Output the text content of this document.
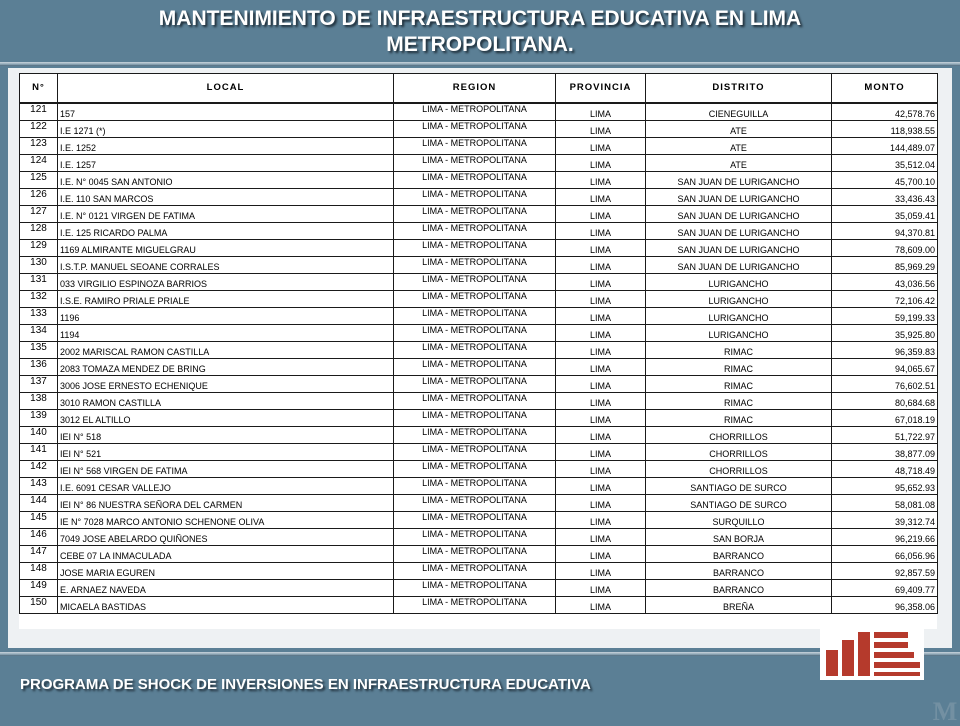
MANTENIMIENTO DE INFRAESTRUCTURA EDUCATIVA EN LIMA
METROPOLITANA.
N°	LOCAL	REGION	PROVINCIA	DISTRITO	MONTO
121	157	LIMA - METROPOLITANA	LIMA	CIENEGUILLA	42,578.76
122	I.E 1271 (*)	LIMA - METROPOLITANA	LIMA	ATE	118,938.55
123	I.E. 1252	LIMA - METROPOLITANA	LIMA	ATE	144,489.07
124	I.E. 1257	LIMA - METROPOLITANA	LIMA	ATE	35,512.04
125	I.E. N° 0045 SAN ANTONIO	LIMA - METROPOLITANA	LIMA	SAN JUAN DE LURIGANCHO	45,700.10
126	I.E. 110 SAN MARCOS	LIMA - METROPOLITANA	LIMA	SAN JUAN DE LURIGANCHO	33,436.43
127	I.E. N° 0121 VIRGEN DE FATIMA	LIMA - METROPOLITANA	LIMA	SAN JUAN DE LURIGANCHO	35,059.41
128	I.E. 125 RICARDO PALMA	LIMA - METROPOLITANA	LIMA	SAN JUAN DE LURIGANCHO	94,370.81
129	1169 ALMIRANTE MIGUELGRAU	LIMA - METROPOLITANA	LIMA	SAN JUAN DE LURIGANCHO	78,609.00
130	I.S.T.P. MANUEL SEOANE CORRALES	LIMA - METROPOLITANA	LIMA	SAN JUAN DE LURIGANCHO	85,969.29
131	033 VIRGILIO ESPINOZA BARRIOS	LIMA - METROPOLITANA	LIMA	LURIGANCHO	43,036.56
132	I.S.E. RAMIRO PRIALE PRIALE	LIMA - METROPOLITANA	LIMA	LURIGANCHO	72,106.42
133	1196	LIMA - METROPOLITANA	LIMA	LURIGANCHO	59,199.33
134	1194	LIMA - METROPOLITANA	LIMA	LURIGANCHO	35,925.80
135	2002 MARISCAL RAMON CASTILLA	LIMA - METROPOLITANA	LIMA	RIMAC	96,359.83
136	2083 TOMAZA MENDEZ DE BRING	LIMA - METROPOLITANA	LIMA	RIMAC	94,065.67
137	3006 JOSE ERNESTO ECHENIQUE	LIMA - METROPOLITANA	LIMA	RIMAC	76,602.51
138	3010 RAMON CASTILLA	LIMA - METROPOLITANA	LIMA	RIMAC	80,684.68
139	3012 EL ALTILLO	LIMA - METROPOLITANA	LIMA	RIMAC	67,018.19
140	IEI N° 518	LIMA - METROPOLITANA	LIMA	CHORRILLOS	51,722.97
141	IEI N° 521	LIMA - METROPOLITANA	LIMA	CHORRILLOS	38,877.09
142	IEI N° 568 VIRGEN DE FATIMA	LIMA - METROPOLITANA	LIMA	CHORRILLOS	48,718.49
143	I.E. 6091 CESAR VALLEJO	LIMA - METROPOLITANA	LIMA	SANTIAGO DE SURCO	95,652.93
144	IEI N° 86 NUESTRA SEÑORA DEL CARMEN	LIMA - METROPOLITANA	LIMA	SANTIAGO DE SURCO	58,081.08
145	IE N° 7028 MARCO ANTONIO SCHENONE OLIVA	LIMA - METROPOLITANA	LIMA	SURQUILLO	39,312.74
146	7049 JOSE ABELARDO QUIÑONES	LIMA - METROPOLITANA	LIMA	SAN BORJA	96,219.66
147	CEBE 07 LA INMACULADA	LIMA - METROPOLITANA	LIMA	BARRANCO	66,056.96
148	JOSE MARIA EGUREN	LIMA - METROPOLITANA	LIMA	BARRANCO	92,857.59
149	E. ARNAEZ NAVEDA	LIMA - METROPOLITANA	LIMA	BARRANCO	69,409.77
150	MICAELA BASTIDAS	LIMA - METROPOLITANA	LIMA	BREÑA	96,358.06
PROGRAMA DE SHOCK DE INVERSIONES EN INFRAESTRUCTURA EDUCATIVA
M
